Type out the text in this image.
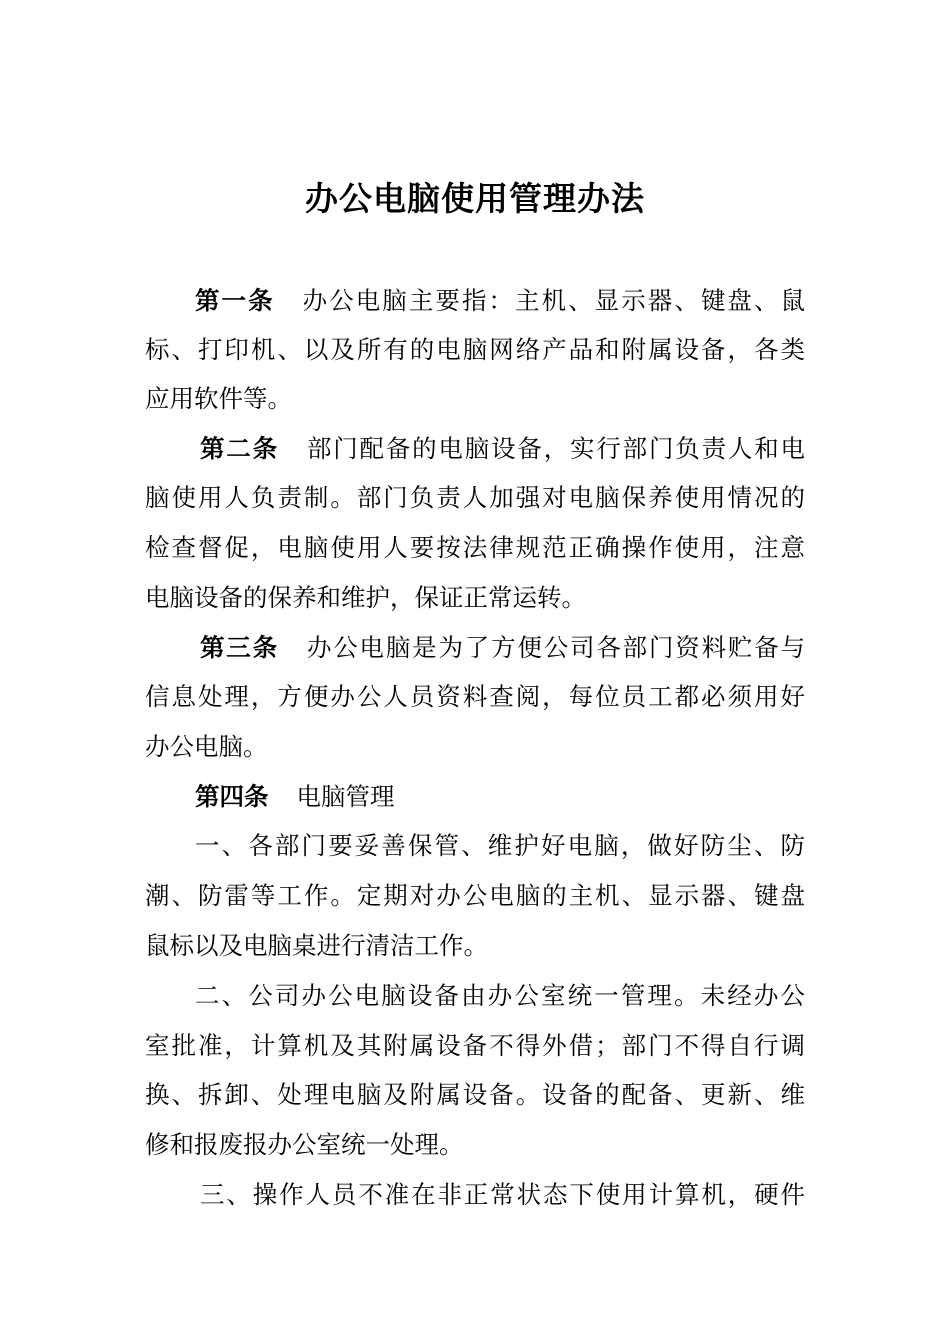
办公电脑使用管理办法
第一条 办公电脑主要指：主机、显示器、键盘、鼠
标、打印机、以及所有的电脑网络产品和附属设备，各类
应用软件等。
第二条 部门配备的电脑设备，实行部门负责人和电
脑使用人负责制。部门负责人加强对电脑保养使用情况的
检查督促，电脑使用人要按法律规范正确操作使用，注意
电脑设备的保养和维护，保证正常运转。
第三条 办公电脑是为了方便公司各部门资料贮备与
信息处理，方便办公人员资料查阅，每位员工都必须用好
办公电脑。
第四条 电脑管理
一、各部门要妥善保管、维护好电脑，做好防尘、防
潮、防雷等工作。定期对办公电脑的主机、显示器、键盘
鼠标以及电脑桌进行清洁工作。
二、公司办公电脑设备由办公室统一管理。未经办公
室批准，计算机及其附属设备不得外借；部门不得自行调
换、拆卸、处理电脑及附属设备。设备的配备、更新、维
修和报废报办公室统一处理。
三、操作人员不准在非正常状态下使用计算机，硬件
